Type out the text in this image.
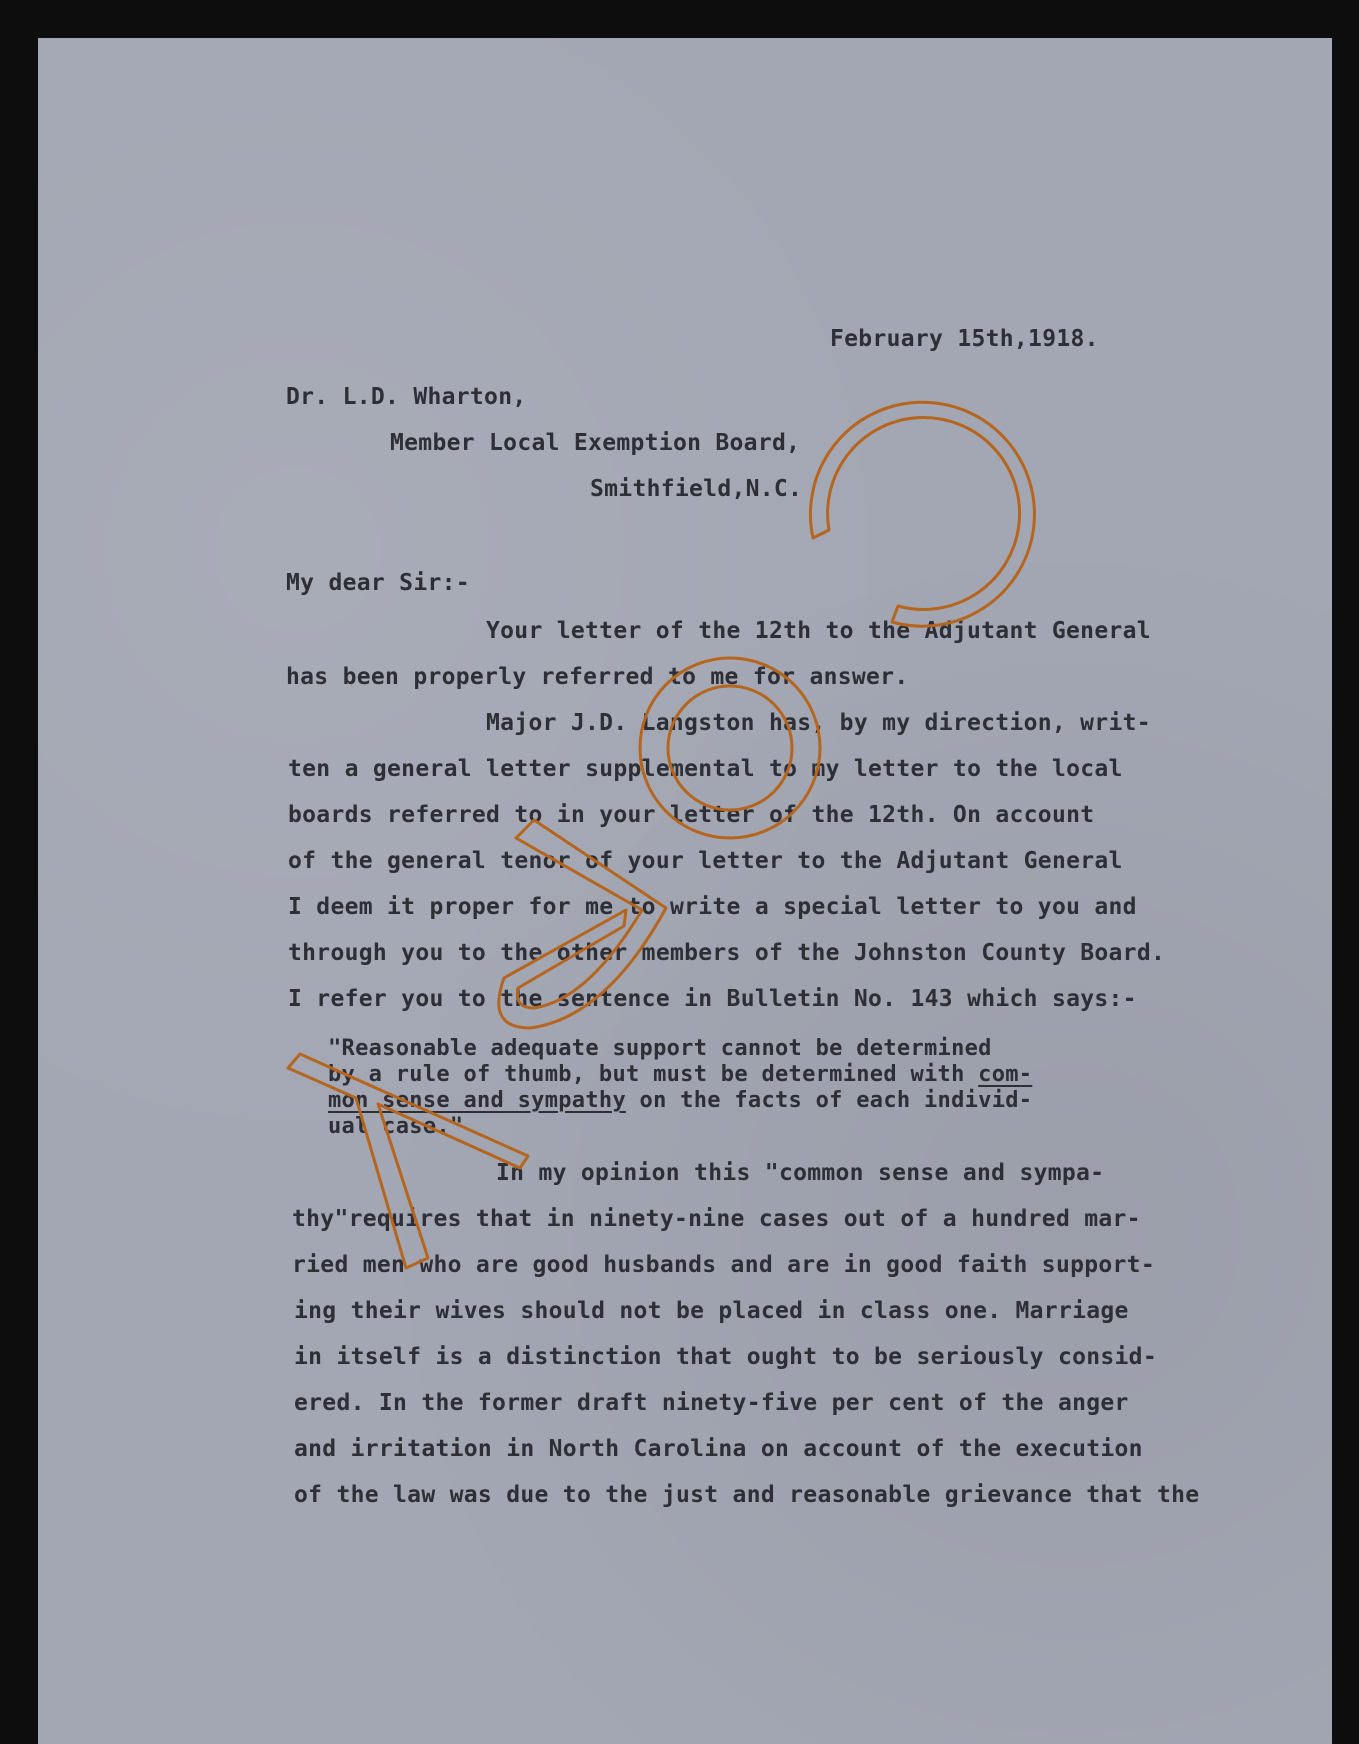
February 15th,1918.
Dr. L.D. Wharton,
Member Local Exemption Board,
Smithfield,N.C.
My dear Sir:-
Your letter of the 12th to the Adjutant General
has been properly referred to me for answer.
Major J.D. Langston has, by my direction, writ-
ten a general letter supplemental to my letter to the local
boards referred to in your letter of the 12th. On account
of the general tenor of your letter to the Adjutant General
I deem it proper for me to write a special letter to you and
through you to the other members of the Johnston County Board.
I refer you to the sentence in Bulletin No. 143 which says:-
"Reasonable adequate support cannot be determined
by a rule of thumb, but must be determined with com-
mon sense and sympathy on the facts of each individ-
ual case."
In my opinion this "common sense and sympa-
thy"requires that in ninety-nine cases out of a hundred mar-
ried men who are good husbands and are in good faith support-
ing their wives should not be placed in class one. Marriage
in itself is a distinction that ought to be seriously consid-
ered. In the former draft ninety-five per cent of the anger
and irritation in North Carolina on account of the execution
of the law was due to the just and reasonable grievance that the
